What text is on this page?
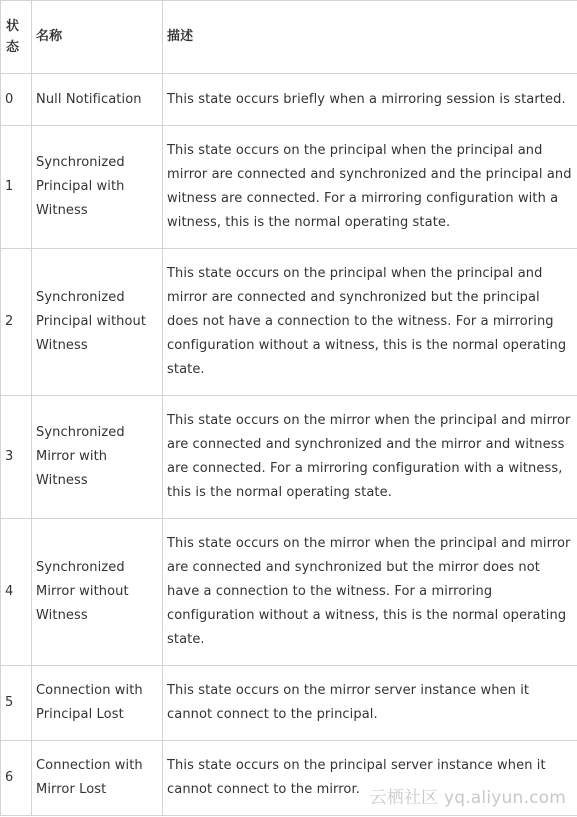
状态	名称	描述
0	Null Notification	This state occurs briefly when a mirroring session is started.
1	Synchronized Principal with Witness	This state occurs on the principal when the principal and mirror are connected and synchronized and the principal and witness are connected. For a mirroring configuration with a witness, this is the normal operating state.
2	Synchronized Principal without Witness	This state occurs on the principal when the principal and mirror are connected and synchronized but the principal does not have a connection to the witness. For a mirroring configuration without a witness, this is the normal operating state.
3	Synchronized Mirror with Witness	This state occurs on the mirror when the principal and mirror are connected and synchronized and the mirror and witness are connected. For a mirroring configuration with a witness, this is the normal operating state.
4	Synchronized Mirror without Witness	This state occurs on the mirror when the principal and mirror are connected and synchronized but the mirror does not have a connection to the witness. For a mirroring configuration without a witness, this is the normal operating state.
5	Connection with Principal Lost	This state occurs on the mirror server instance when it cannot connect to the principal.
6	Connection with Mirror Lost	This state occurs on the principal server instance when it cannot connect to the mirror. 云栖社区 yq.aliyun.com
